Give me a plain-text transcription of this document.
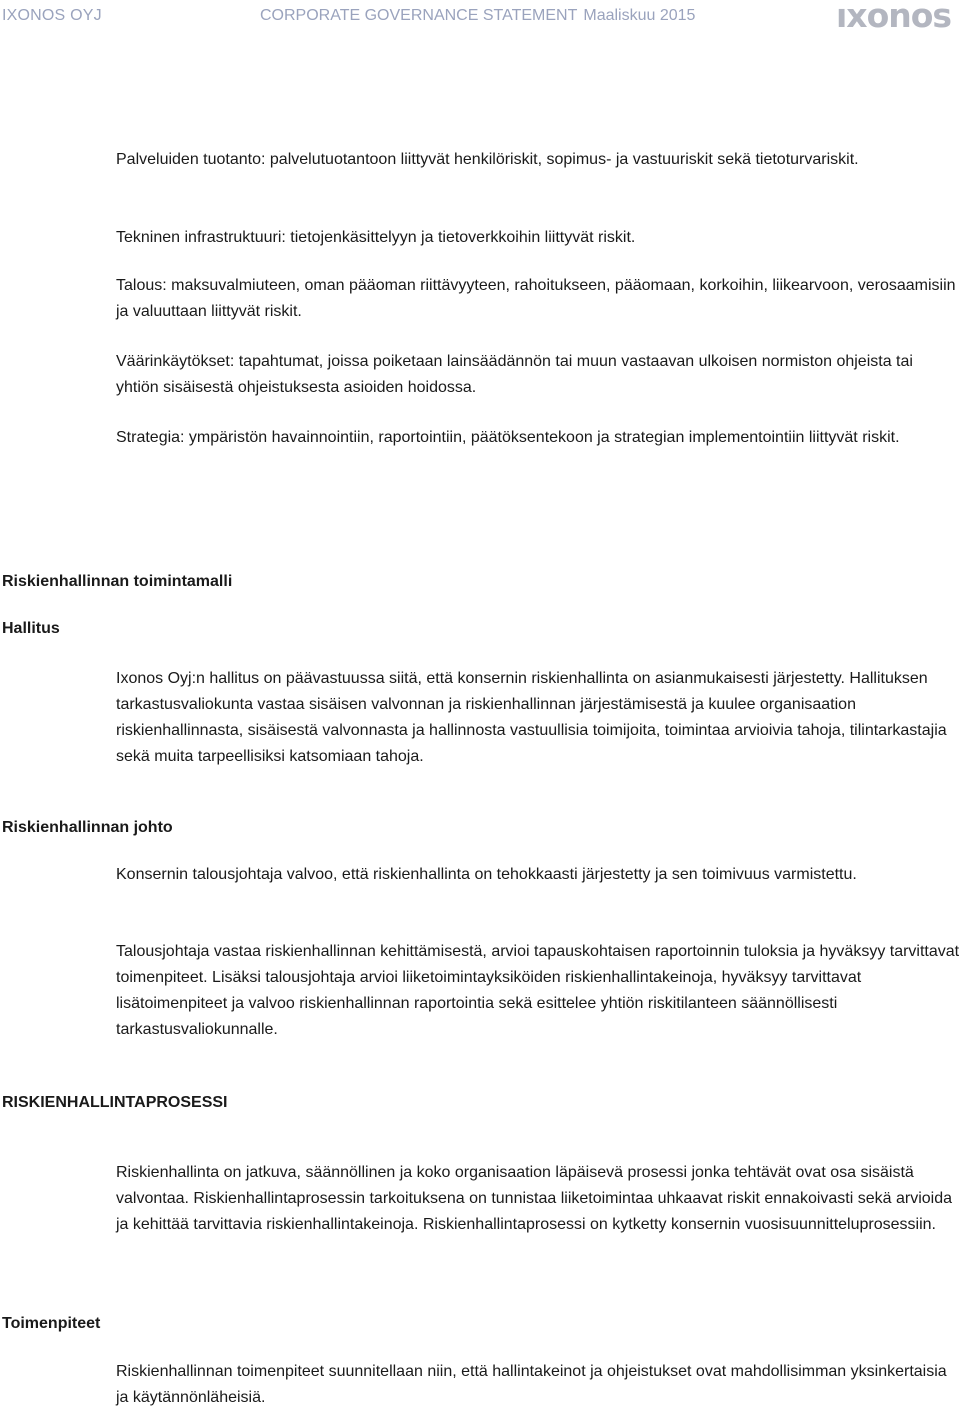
IXONOS OYJ	CORPORATE GOVERNANCE STATEMENT Maaliskuu 2015	ıxonos

Palveluiden tuotanto: palvelutuotantoon liittyvät henkilöriskit, sopimus- ja vastuuriskit sekä tietoturvariskit.

Tekninen infrastruktuuri: tietojenkäsittelyyn ja tietoverkkoihin liittyvät riskit.

Talous: maksuvalmiuteen, oman pääoman riittävyyteen, rahoitukseen, pääomaan, korkoihin, liikearvoon, verosaamisiin ja valuuttaan liittyvät riskit.

Väärinkäytökset: tapahtumat, joissa poiketaan lainsäädännön tai muun vastaavan ulkoisen normiston ohjeista tai yhtiön sisäisestä ohjeistuksesta asioiden hoidossa.

Strategia: ympäristön havainnointiin, raportointiin, päätöksentekoon ja strategian implementointiin liittyvät riskit.

Riskienhallinnan toimintamalli
Hallitus

Ixonos Oyj:n hallitus on päävastuussa siitä, että konsernin riskienhallinta on asianmukaisesti järjestetty. Hallituksen tarkastusvaliokunta vastaa sisäisen valvonnan ja riskienhallinnan järjestämisestä ja kuulee organisaation riskienhallinnasta, sisäisestä valvonnasta ja hallinnosta vastuullisia toimijoita, toimintaa arvioivia tahoja, tilintarkastajia sekä muita tarpeellisiksi katsomiaan tahoja.

Riskienhallinnan johto

Konsernin talousjohtaja valvoo, että riskienhallinta on tehokkaasti järjestetty ja sen toimivuus varmistettu.

Talousjohtaja vastaa riskienhallinnan kehittämisestä, arvioi tapauskohtaisen raportoinnin tuloksia ja hyväksyy tarvittavat toimenpiteet. Lisäksi talousjohtaja arvioi liiketoimintayksiköiden riskienhallintakeinoja, hyväksyy tarvittavat lisätoimenpiteet ja valvoo riskienhallinnan raportointia sekä esittelee yhtiön riskitilanteen säännöllisesti tarkastusvaliokunnalle.

RISKIENHALLINTAPROSESSI

Riskienhallinta on jatkuva, säännöllinen ja koko organisaation läpäisevä prosessi jonka tehtävät ovat osa sisäistä valvontaa. Riskienhallintaprosessin tarkoituksena on tunnistaa liiketoimintaa uhkaavat riskit ennakoivasti sekä arvioida ja kehittää tarvittavia riskienhallintakeinoja. Riskienhallintaprosessi on kytketty konsernin vuosisuunnitteluprosessiin.

Toimenpiteet

Riskienhallinnan toimenpiteet suunnitellaan niin, että hallintakeinot ja ohjeistukset ovat mahdollisimman yksinkertaisia ja käytännönläheisiä.
